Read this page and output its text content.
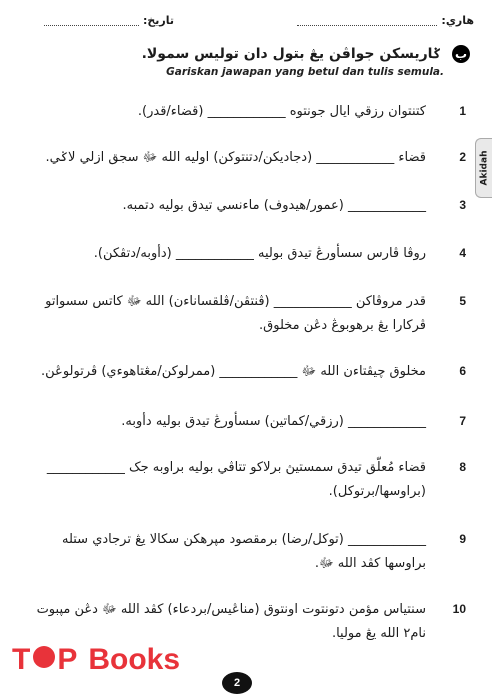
هاري:
تاريخ:
ب ݢاريسکن جواڤن يڠ بتول دان توليس سمولا.
Gariskan jawapan yang betul dan tulis semula.
Akidah
1
كتنتوان رزقي ايال جونتوه ____________ (قضاء/قدر).
2
قضاء ____________ (دجاديكن/دتنتوكن) اوليه الله ﷻ سجق ازلي لاݢي.
3
____________ (عمور/هيدوف) ماءنسي تيدق بوليه دتمبه.
4
روڤا ڤارس سسأورڠ تيدق بوليه ____________ (دأوبه/دتڤكن).
5
قدر مروڤاكن ____________ (ڤنتڤن/ڤلقساناءن) الله ﷻ كاتس سسواتو ڤركارا يڠ برهوبوڠ دڠن مخلوق.
6
مخلوق چيڤتاءن الله ﷻ ____________ (ممرلوكن/مڠتاهوءي) ڤرتولوڠن.
7
____________ (رزقي/كماتين) سسأورڠ تيدق بوليه دأوبه.
8
قضاء مُعلّق تيدق سمستيڽ برلاكو تتاڤي بوليه براوبه جک ____________ (براوسها/برتوكل).
9
____________ (توكل/رضا) برمقصود مپرهكن سكالا يڠ ترجادي ستله براوسها كڤد الله ﷻ.
10
سنتياس مؤمن دتونتوت اونتوق (مناڠيس/بردعاء) كڤد الله ﷻ دڠن مپبوت نام٢ الله يڠ موليا.
T P Books
2
